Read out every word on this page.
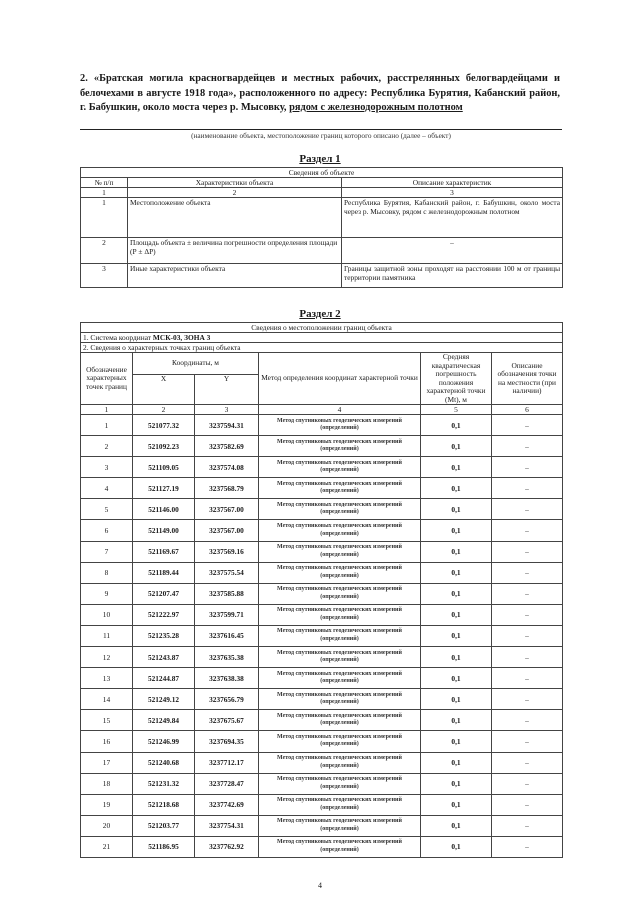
2. «Братская могила красногвардейцев и местных рабочих, расстрелянных белогвардейцами и белочехами в августе 1918 года», расположенного по адресу: Республика Бурятия, Кабанский район, г. Бабушкин, около моста через р. Мысовку, рядом с железнодорожным полотном
(наименование объекта, местоположение границ которого описано (далее – объект)
Раздел 1
Сведения об объекте		
№ п/п	Характеристики объекта	Описание характеристик
1	2	3
1	Местоположение объекта	Республика Бурятия, Кабанский район, г. Бабушкин, около моста через р. Мысовку, рядом с железнодорожным полотном
2	Площадь объекта ± величина погрешности определения площади (Р ± ΔР)	–
3	Иные характеристики объекта	Границы защитной зоны проходят на расстоянии 100 м от границы территории памятника
Раздел 2
Сведения о местоположении границ объекта					
1. Система координат МСК-03, ЗОНА 3					
2. Сведения о характерных точках границ объекта					
Обозначение характерных точек границ	Координаты, м		Метод определения координат характерной точки	Средняя квадратическая погрешность положения характерной точки (Mt), м	Описание обозначения точки на местности (при наличии)
	X	Y			
1	2	3	4	5	6
1	521077.32	3237594.31	Метод спутниковых геодезических измерений (определений)	0,1	–
2	521092.23	3237582.69	Метод спутниковых геодезических измерений (определений)	0,1	–
3	521109.05	3237574.08	Метод спутниковых геодезических измерений (определений)	0,1	–
4	521127.19	3237568.79	Метод спутниковых геодезических измерений (определений)	0,1	–
5	521146.00	3237567.00	Метод спутниковых геодезических измерений (определений)	0,1	–
6	521149.00	3237567.00	Метод спутниковых геодезических измерений (определений)	0,1	–
7	521169.67	3237569.16	Метод спутниковых геодезических измерений (определений)	0,1	–
8	521189.44	3237575.54	Метод спутниковых геодезических измерений (определений)	0,1	–
9	521207.47	3237585.88	Метод спутниковых геодезических измерений (определений)	0,1	–
10	521222.97	3237599.71	Метод спутниковых геодезических измерений (определений)	0,1	–
11	521235.28	3237616.45	Метод спутниковых геодезических измерений (определений)	0,1	–
12	521243.87	3237635.38	Метод спутниковых геодезических измерений (определений)	0,1	–
13	521244.87	3237638.38	Метод спутниковых геодезических измерений (определений)	0,1	–
14	521249.12	3237656.79	Метод спутниковых геодезических измерений (определений)	0,1	–
15	521249.84	3237675.67	Метод спутниковых геодезических измерений (определений)	0,1	–
16	521246.99	3237694.35	Метод спутниковых геодезических измерений (определений)	0,1	–
17	521240.68	3237712.17	Метод спутниковых геодезических измерений (определений)	0,1	–
18	521231.32	3237728.47	Метод спутниковых геодезических измерений (определений)	0,1	–
19	521218.68	3237742.69	Метод спутниковых геодезических измерений (определений)	0,1	–
20	521203.77	3237754.31	Метод спутниковых геодезических измерений (определений)	0,1	–
21	521186.95	3237762.92	Метод спутниковых геодезических измерений (определений)	0,1	–
4
